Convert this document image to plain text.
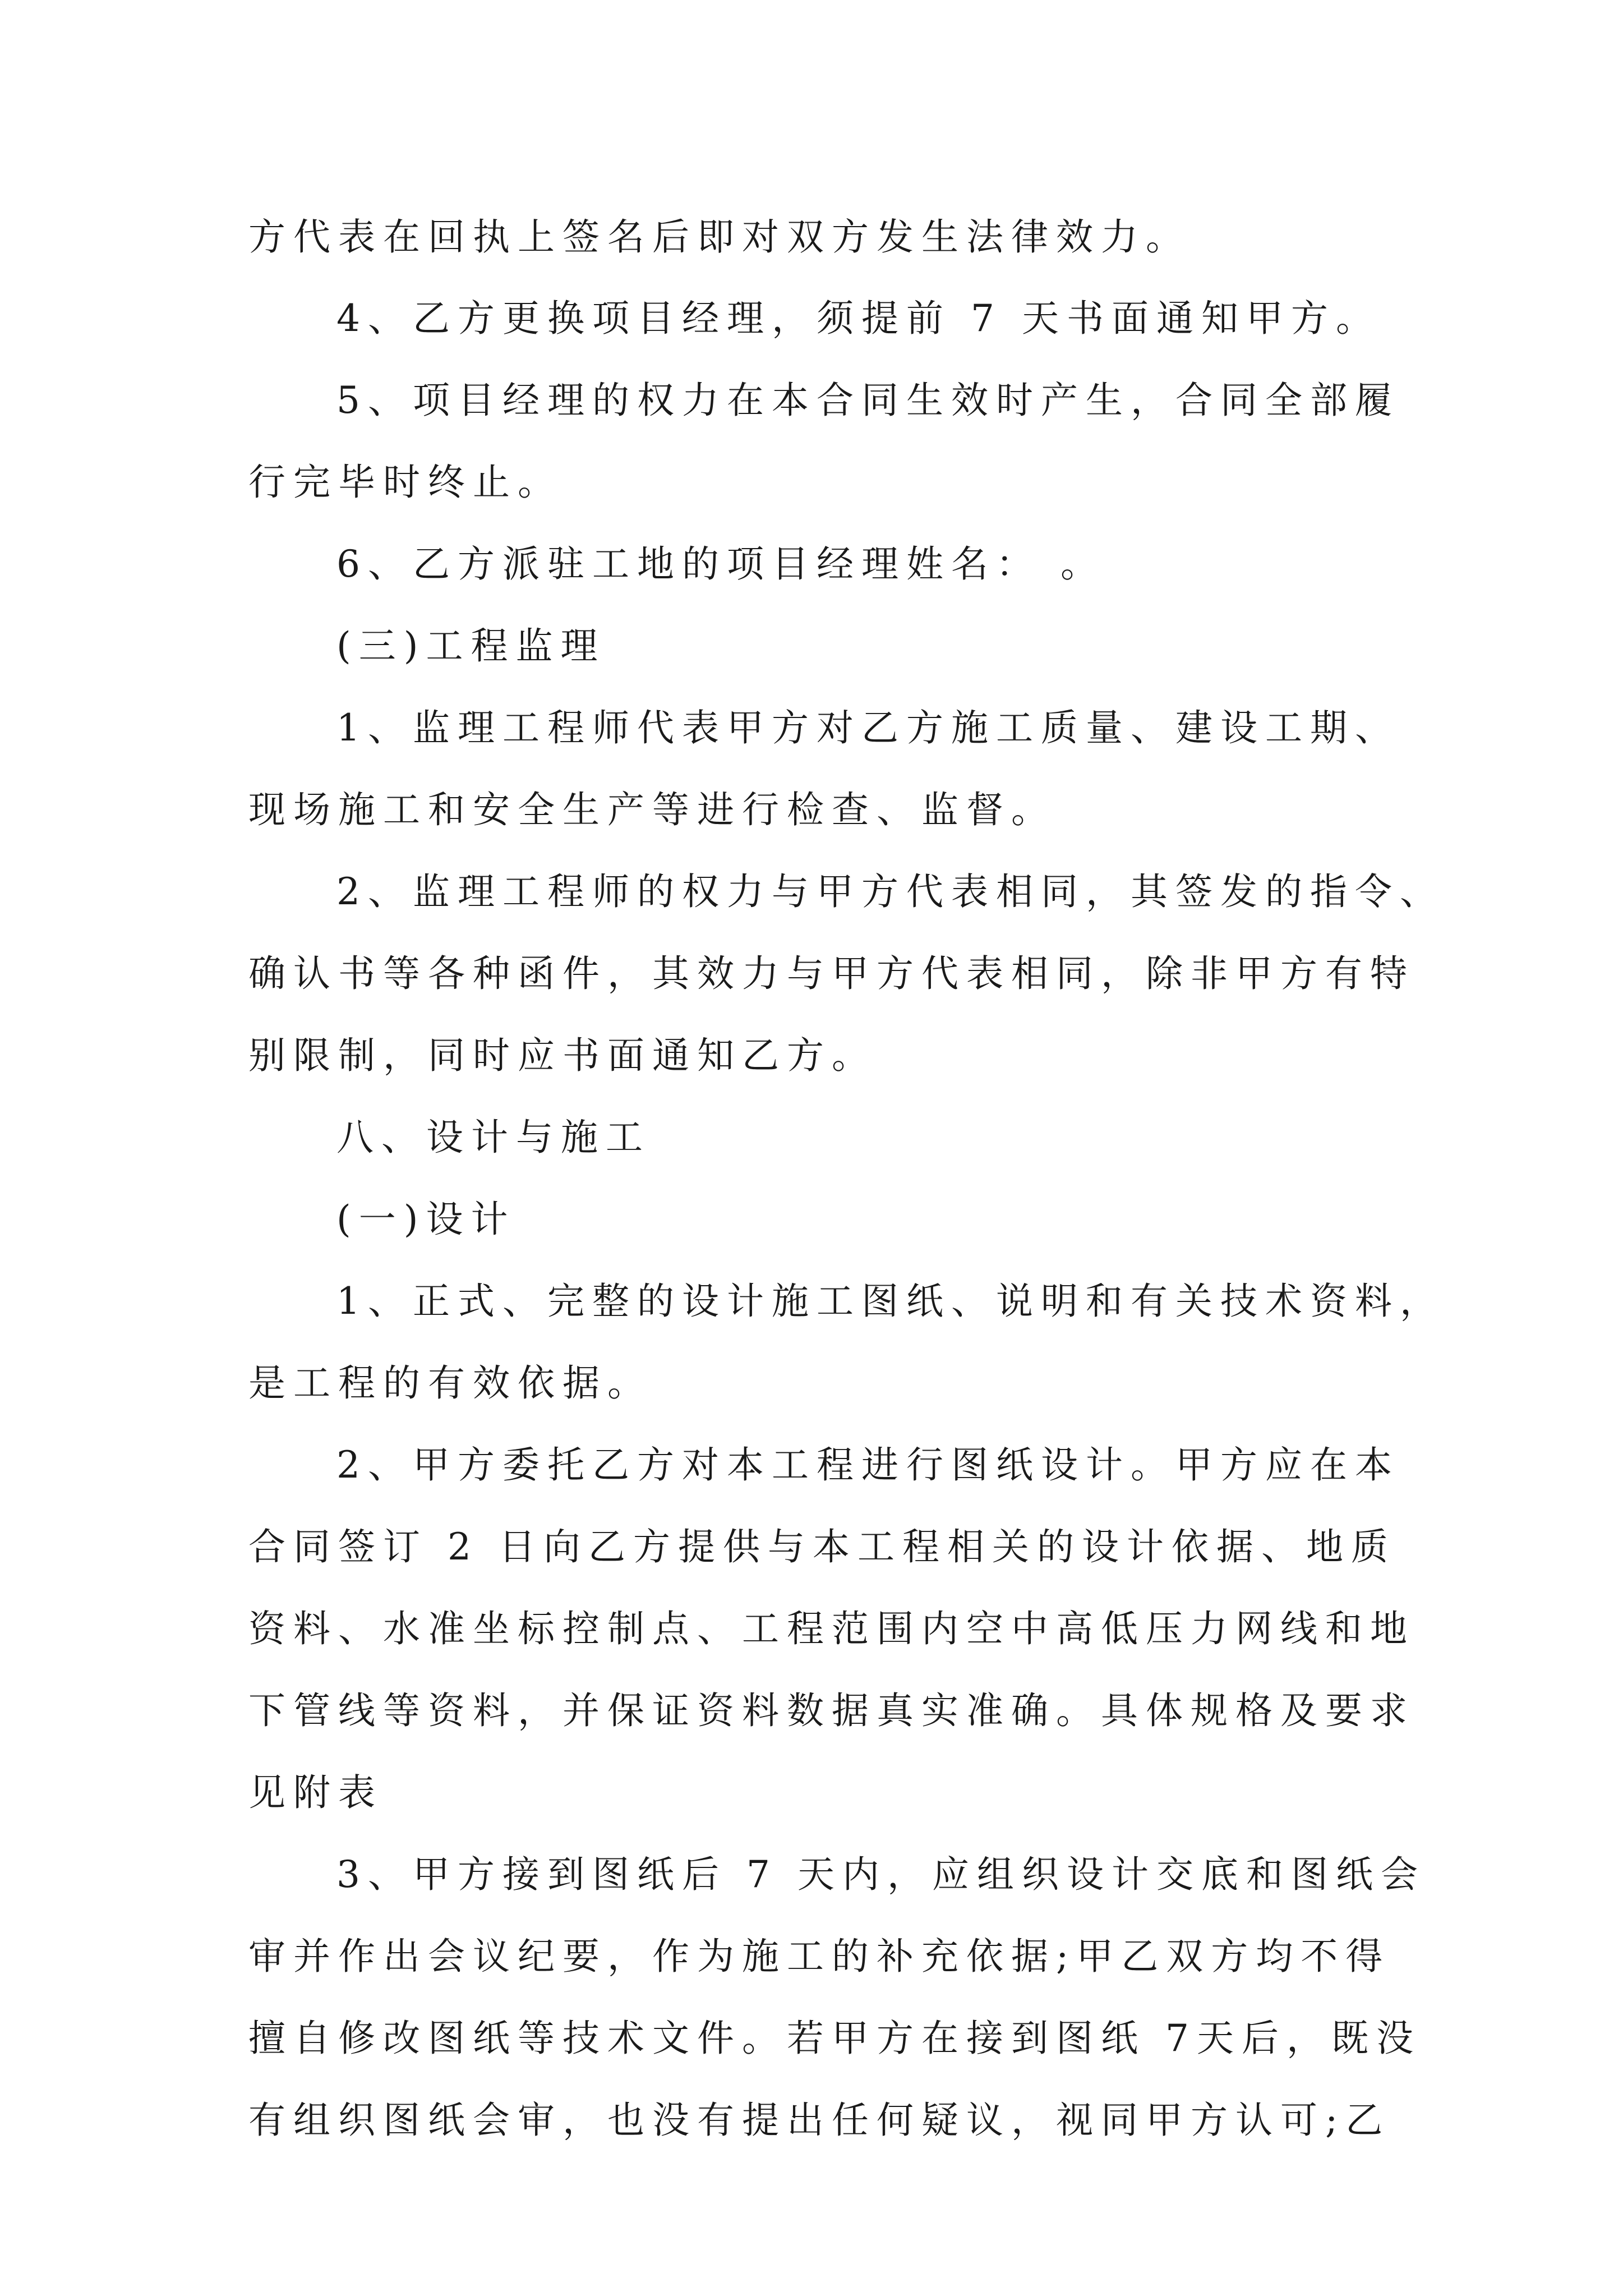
方代表在回执上签名后即对双方发生法律效力。
4、乙方更换项目经理，须提前 7 天书面通知甲方。
5、项目经理的权力在本合同生效时产生，合同全部履
行完毕时终止。
6、乙方派驻工地的项目经理姓名： 。
(三)工程监理
1、监理工程师代表甲方对乙方施工质量、建设工期、
现场施工和安全生产等进行检查、监督。
2、监理工程师的权力与甲方代表相同，其签发的指令、
确认书等各种函件，其效力与甲方代表相同，除非甲方有特
别限制，同时应书面通知乙方。
八、设计与施工
(一)设计
1、正式、完整的设计施工图纸、说明和有关技术资料，
是工程的有效依据。
2、甲方委托乙方对本工程进行图纸设计。甲方应在本
合同签订 2 日向乙方提供与本工程相关的设计依据、地质
资料、水准坐标控制点、工程范围内空中高低压力网线和地
下管线等资料，并保证资料数据真实准确。具体规格及要求
见附表
3、甲方接到图纸后 7 天内，应组织设计交底和图纸会
审并作出会议纪要，作为施工的补充依据;甲乙双方均不得
擅自修改图纸等技术文件。若甲方在接到图纸 7天后，既没
有组织图纸会审，也没有提出任何疑议，视同甲方认可;乙
